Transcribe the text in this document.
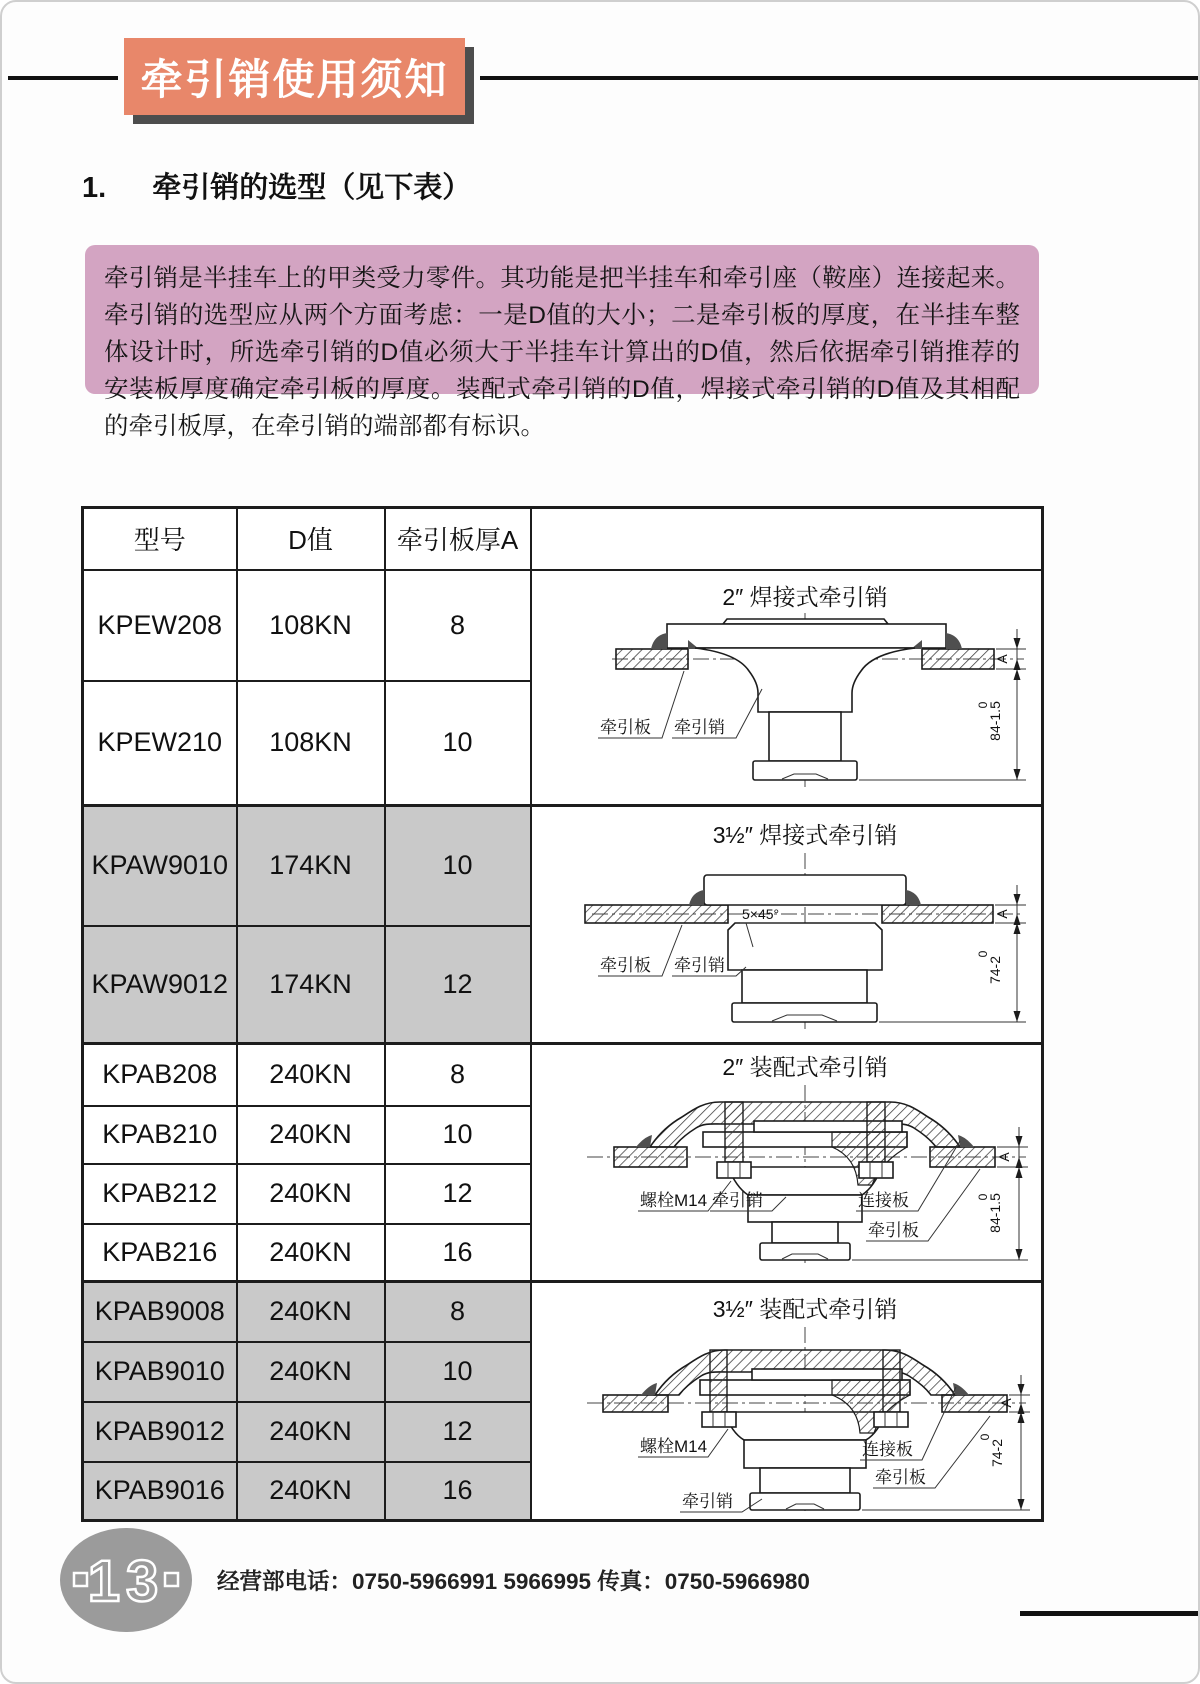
牵引销使用须知
1. 牵引销的选型（见下表）
牵引销是半挂车上的甲类受力零件。其功能是把半挂车和牵引座（鞍座）连接起来。牵引销的选型应从两个方面考虑：一是D值的大小；二是牵引板的厚度，在半挂车整体设计时，所选牵引销的D值必须大于半挂车计算出的D值，然后依据牵引销推荐的安装板厚度确定牵引板的厚度。装配式牵引销的D值，焊接式牵引销的D值及其相配的牵引板厚，在牵引销的端部都有标识。
型号	D值	牵引板厚A	
KPEW208	108KN	8	
2″ 焊接式牵引销
A
84-1.5
0
牵引板 牵引销

KPEW210	108KN	10	
KPAW9010	174KN	10	
3½″ 焊接式牵引销
5×45°	A
74-2
0
牵引板 牵引销

KPAW9012	174KN	12	
KPAB208	240KN	8	2″ 装配式牵引销
A
84-1.5
0
螺栓M14 牵引销	连接板
牵引板

KPAB210	240KN	10	
KPAB212	240KN	12	
KPAB216	240KN	16	
KPAB9008	240KN	8	3½″ 装配式牵引销
A
74-2
0
螺栓M14	连接板
牵引板
牵引销

KPAB9010	240KN	10	
KPAB9012	240KN	12	
KPAB9016	240KN	16	
13 经营部电话：0750-5966991 5966995 传真：0750-5966980
